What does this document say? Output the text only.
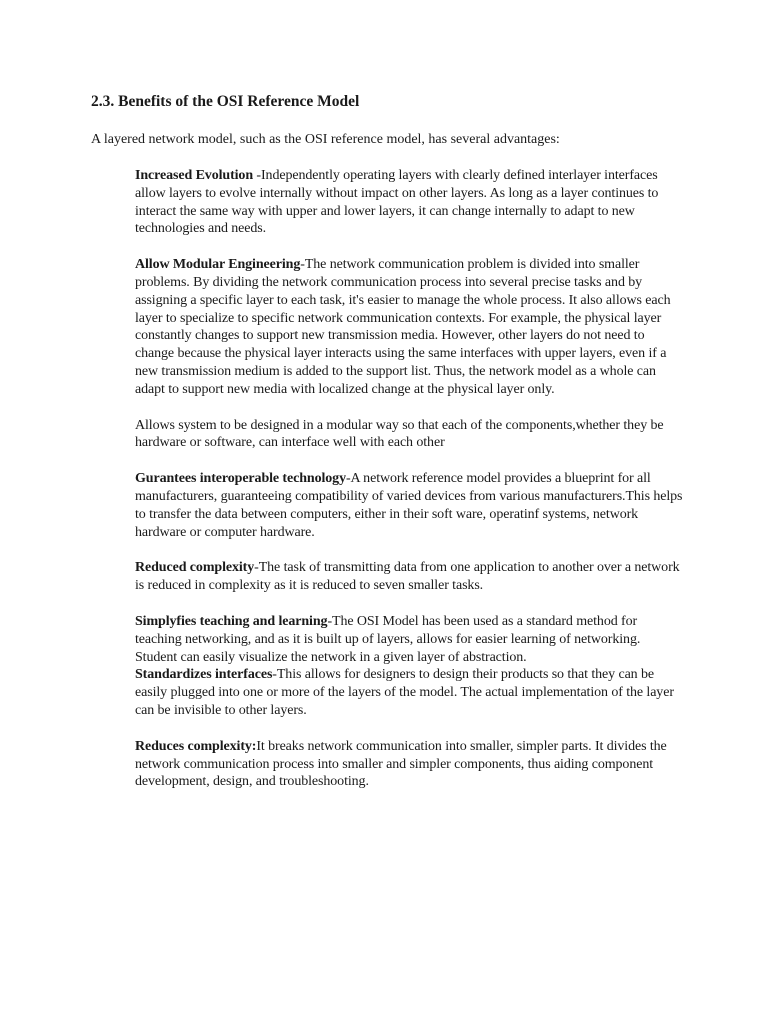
2.3. Benefits of the OSI Reference Model

A layered network model, such as the OSI reference model, has several advantages:

Increased Evolution -Independently operating layers with clearly defined interlayer interfaces allow layers to evolve internally without impact on other layers. As long as a layer continues to interact the same way with upper and lower layers, it can change internally to adapt to new technologies and needs.

Allow Modular Engineering-The network communication problem is divided into smaller problems. By dividing the network communication process into several precise tasks and by assigning a specific layer to each task, it's easier to manage the whole process. It also allows each layer to specialize to specific network communication contexts. For example, the physical layer constantly changes to support new transmission media. However, other layers do not need to change because the physical layer interacts using the same interfaces with upper layers, even if a new transmission medium is added to the support list. Thus, the network model as a whole can adapt to support new media with localized change at the physical layer only.

Allows system to be designed in a modular way so that each of the components,whether they be hardware or software, can interface well with each other

Gurantees interoperable technology-A network reference model provides a blueprint for all manufacturers, guaranteeing compatibility of varied devices from various manufacturers.This helps to transfer the data between computers, either in their soft ware, operatinf systems, network hardware or computer hardware.

Reduced complexity-The task of transmitting data from one application to another over a network is reduced in complexity as it is reduced to seven smaller tasks.

Simplyfies teaching and learning-The OSI Model has been used as a standard method for teaching networking, and as it is built up of layers, allows for easier learning of networking. Student can easily visualize the network in a given layer of abstraction.

Standardizes interfaces-This allows for designers to design their products so that they can be easily plugged into one or more of the layers of the model. The actual implementation of the layer can be invisible to other layers.

Reduces complexity:It breaks network communication into smaller, simpler parts. It divides the network communication process into smaller and simpler components, thus aiding component development, design, and troubleshooting.
